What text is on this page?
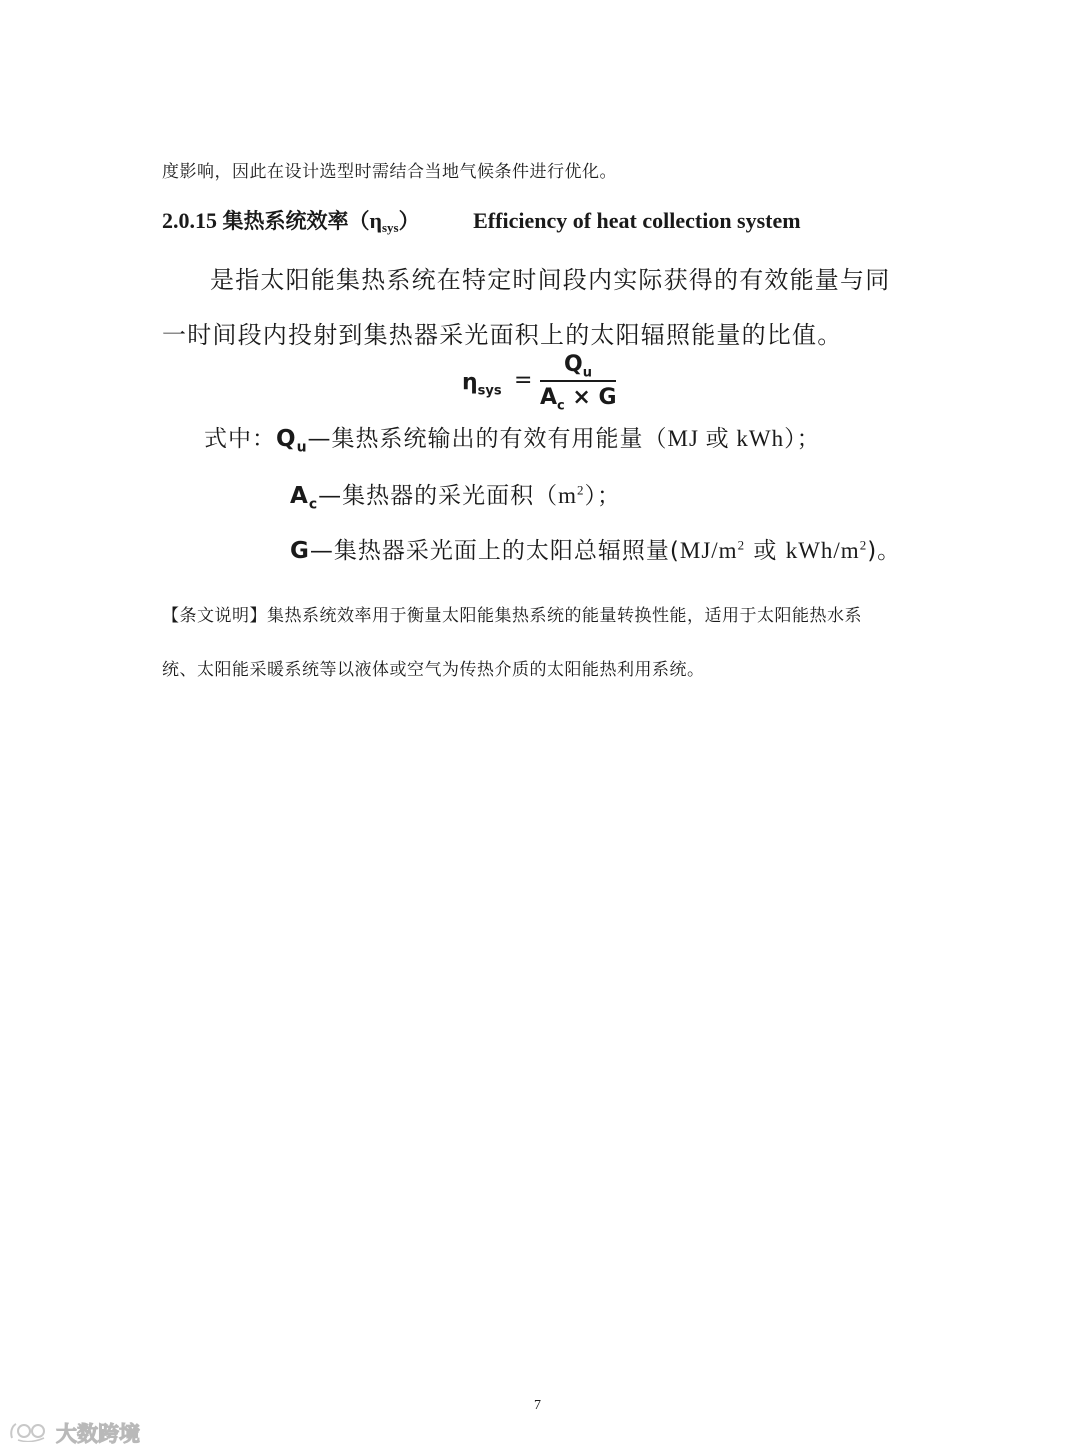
度影响，因此在设计选型时需结合当地气候条件进行优化。
2.0.15 集热系统效率（ηsys） Efficiency of heat collection system
是指太阳能集热系统在特定时间段内实际获得的有效能量与同
一时间段内投射到集热器采光面积上的太阳辐照能量的比值。
$\eta_{sys}$ =
$Q_u$
$A_c \times G$
式中：$Q_u—$集热系统输出的有效有用能量（MJ 或 kWh）；
$A_c—$集热器的采光面积$(m^2)$；
G—集热器采光面上的太阳总辐照量($MJ/m^2$ 或 kWh/$m^2$)。
【条文说明】集热系统效率用于衡量太阳能集热系统的能量转换性能，适用于太阳能热水系
统、太阳能采暖系统等以液体或空气为传热介质的太阳能热利用系统。
7
大数跨境
